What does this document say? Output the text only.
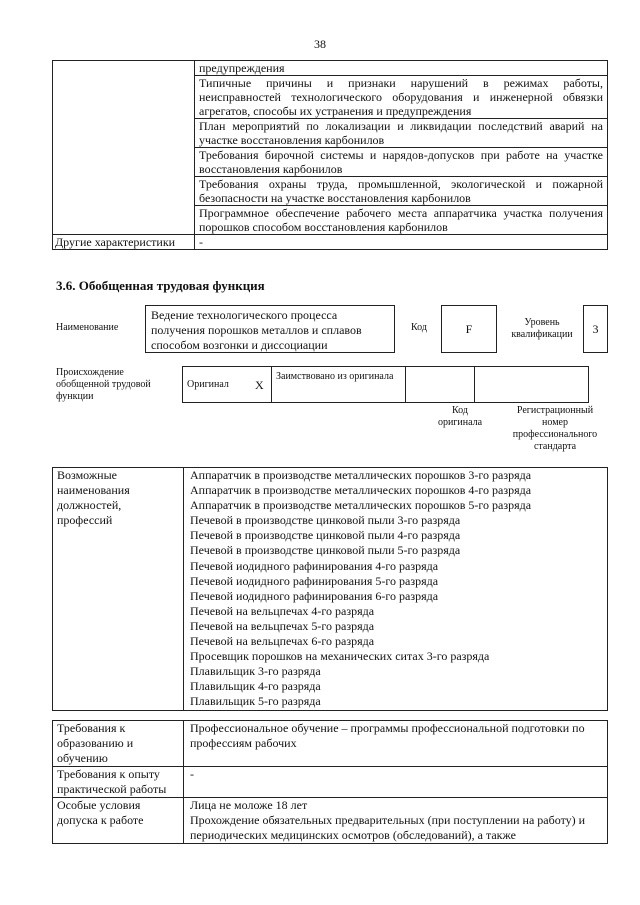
38
	предупреждения
	Типичные причины и признаки нарушений в режимах работы, неисправностей технологического оборудования и инженерной обвязки агрегатов, способы их устранения и предупреждения
	План мероприятий по локализации и ликвидации последствий аварий на участке восстановления карбонилов
	Требования бирочной системы и нарядов-допусков при работе на участке восстановления карбонилов
	Требования охраны труда, промышленной, экологической и пожарной безопасности на участке восстановления карбонилов
	Программное обеспечение рабочего места аппаратчика участка получения порошков способом восстановления карбонилов
Другие характеристики	-
3.6. Обобщенная трудовая функция
Наименование
Ведение технологического процесса получения порошков металлов и сплавов способом возгонки и диссоциации
Код	F	Уровень квалификации	3
Происхождение обобщенной трудовой функции
Оригинал	X	Заимствовано из оригинала		
Код оригинала
Регистрационный номер профессионального стандарта
Возможные наименования должностей, профессий	
Аппаратчик в производстве металлических порошков 3-го разряда
Аппаратчик в производстве металлических порошков 4-го разряда
Аппаратчик в производстве металлических порошков 5-го разряда
Печевой в производстве цинковой пыли 3-го разряда
Печевой в производстве цинковой пыли 4-го разряда
Печевой в производстве цинковой пыли 5-го разряда
Печевой иодидного рафинирования 4-го разряда
Печевой иодидного рафинирования 5-го разряда
Печевой иодидного рафинирования 6-го разряда
Печевой на вельцпечах 4-го разряда
Печевой на вельцпечах 5-го разряда
Печевой на вельцпечах 6-го разряда
Просевщик порошков на механических ситах 3-го разряда
Плавильщик 3-го разряда
Плавильщик 4-го разряда
Плавильщик 5-го разряда
Требования к образованию и обучению	Профессиональное обучение – программы профессиональной подготовки по профессиям рабочих
Требования к опыту практической работы	-
Особые условия допуска к работе	Лица не моложе 18 лет
Прохождение обязательных предварительных (при поступлении на работу) и периодических медицинских осмотров (обследований), а также
